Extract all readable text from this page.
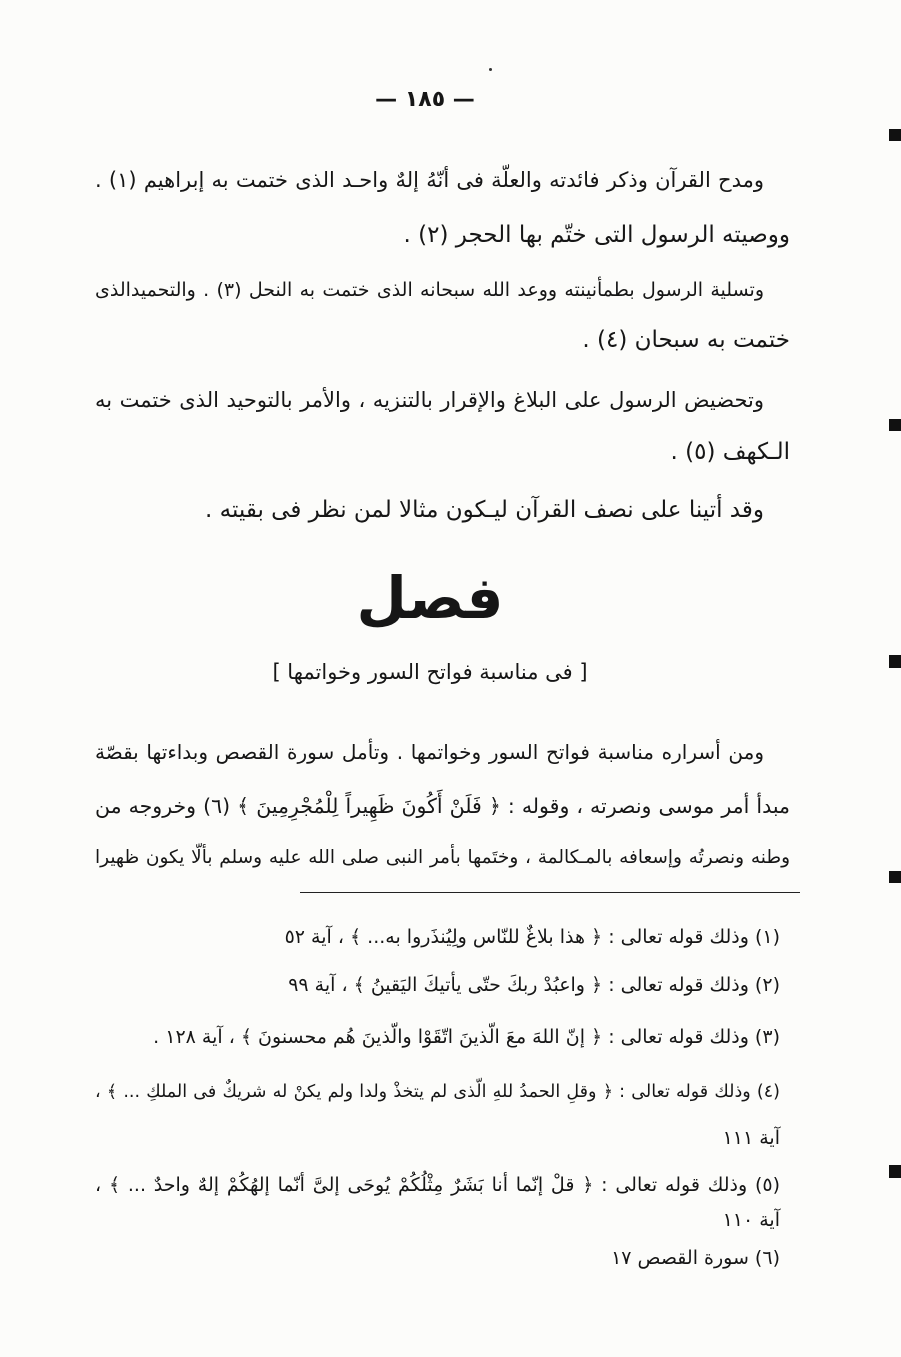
— ١٨٥ —
ومدح القرآن وذكر فائدته والعلّة فى أنّهُ إلهٌ واحـد الذى ختمت به إبراهيم (١) .
ووصيته الرسول التى ختّم بها الحجر (٢) .
وتسلية الرسول بطمأنينته ووعد الله سبحانه الذى ختمت به النحل (٣) . والتحميدالذى
ختمت به سبحان (٤) .
وتحضيض الرسول على البلاغ والإقرار بالتنزيه ، والأمر بالتوحيد الذى ختمت به
الـكهف (٥) .
وقد أتينا على نصف القرآن ليـكون مثالا لمن نظر فى بقيته .
فصل
[ فى مناسبة فواتح السور وخواتمها ]
ومن أسراره مناسبة فواتح السور وخواتمها . وتأمل سورة القصص وبداءتها بقصّة
مبدأ أمر موسى ونصرته ، وقوله : ﴿ فَلَنْ أَكُونَ ظَهِيراً لِلْمُجْرِمِينَ ﴾ (٦) وخروجه من
وطنه ونصرتُه وإسعافه بالمـكالمة ، وختَمها بأمر النبى صلى الله عليه وسلم بألّا يكون ظهيرا
(١) وذلك قوله تعالى : ﴿ هذا بلاغٌ للنّاس ولِيُنذَروا به... ﴾ ، آية ٥٢
(٢) وذلك قوله تعالى : ﴿ واعبُدْ ربكَ حتّى يأتيكَ اليَقينُ ﴾ ، آية ٩٩
(٣) وذلك قوله تعالى : ﴿ إنّ اللهَ معَ الّذينَ اتّقَوْا والّذينَ هُم محسنونَ ﴾ ، آية ١٢٨ .
(٤) وذلك قوله تعالى : ﴿ وقلِ الحمدُ للهِ الّذى لم يتخذْ ولدا ولم يكنْ له شريكٌ فى الملكِ ... ﴾ ،
آية ١١١
(٥) وذلك قوله تعالى : ﴿ قلْ إنّما أنا بَشَرٌ مِثْلُكُمْ يُوحَى إلىَّ أنّما إلهُكُمْ إلهٌ واحدٌ ... ﴾ ،
آية ١١٠
(٦) سورة القصص ١٧
